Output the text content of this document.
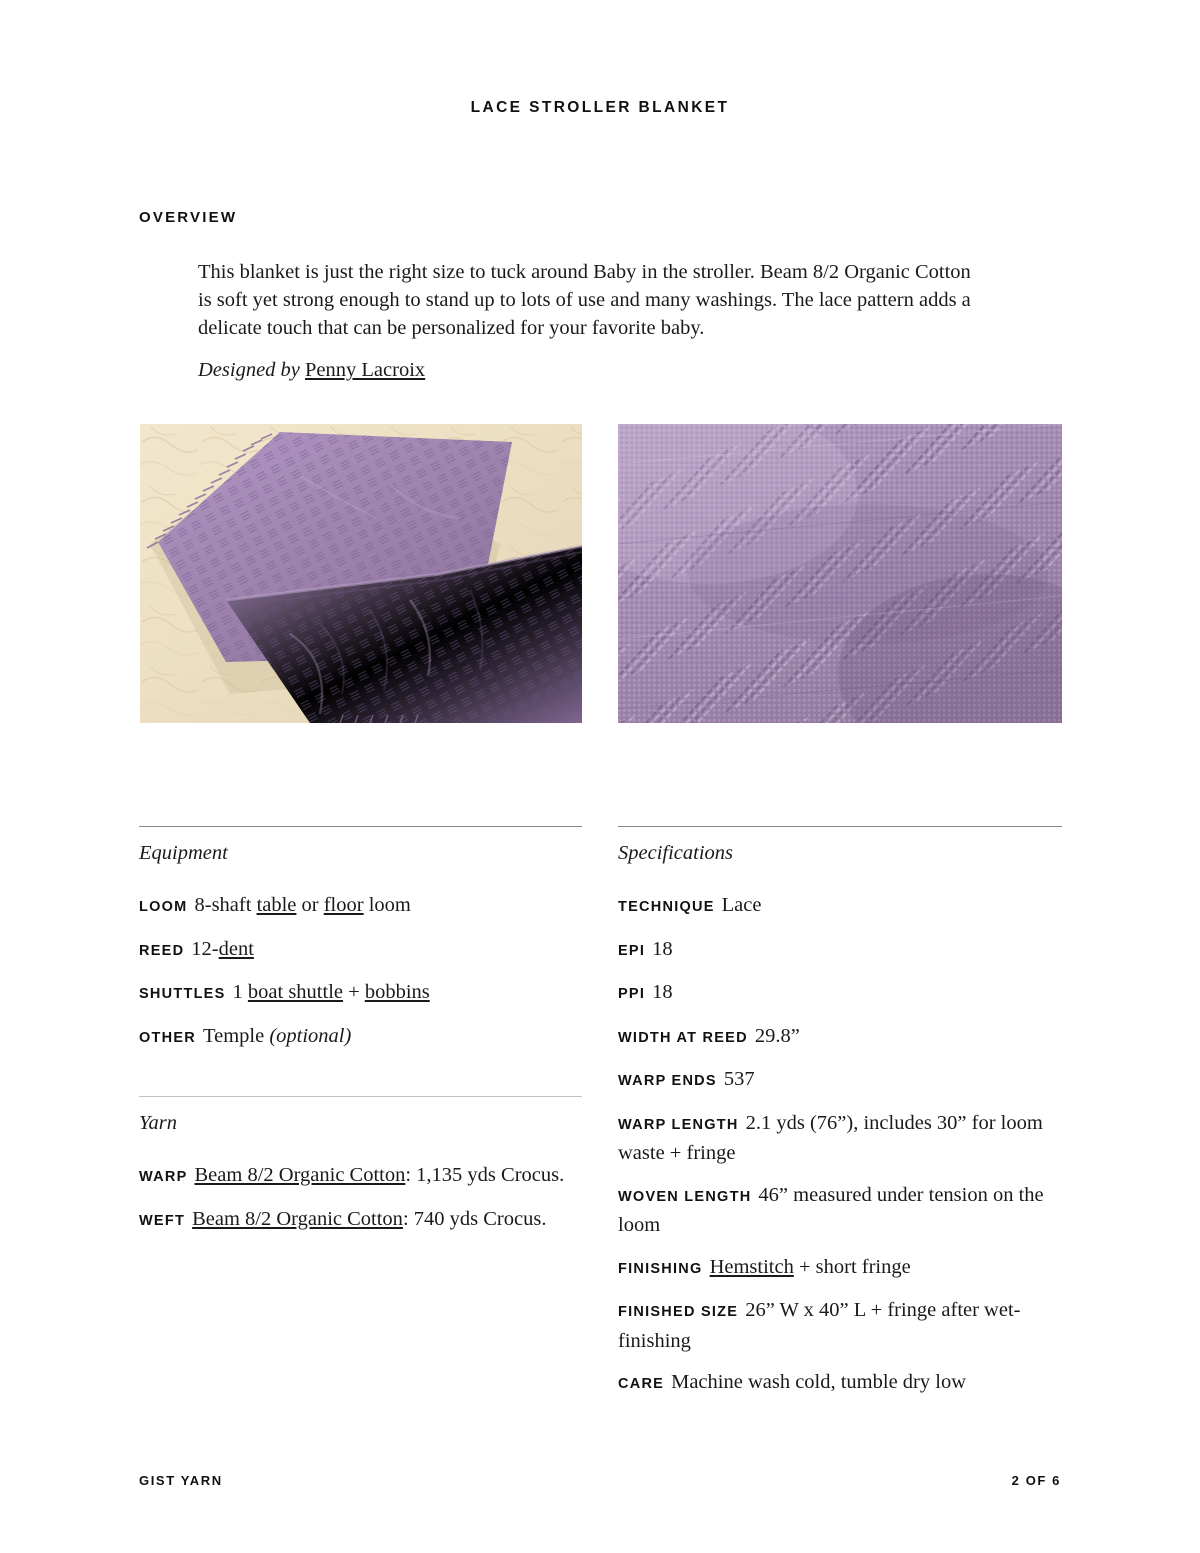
LACE STROLLER BLANKET
OVERVIEW
This blanket is just the right size to tuck around Baby in the stroller. Beam 8/2 Organic Cotton is soft yet strong enough to stand up to lots of use and many washings. The lace pattern adds a delicate touch that can be personalized for your favorite baby.
Designed by Penny Lacroix
Equipment
LOOM 8-shaft table or floor loom
REED 12-dent
SHUTTLES 1 boat shuttle + bobbins
OTHER Temple (optional)
Yarn
WARP Beam 8/2 Organic Cotton: 1,135 yds Crocus.
WEFT Beam 8/2 Organic Cotton: 740 yds Crocus.
Specifications
TECHNIQUE Lace
EPI 18
PPI 18
WIDTH AT REED 29.8”
WARP ENDS 537
WARP LENGTH 2.1 yds (76”), includes 30” for loom waste + fringe
WOVEN LENGTH 46” measured under tension on the loom
FINISHING Hemstitch + short fringe
FINISHED SIZE 26” W x 40” L + fringe after wet-finishing
CARE Machine wash cold, tumble dry low
GIST YARN	2 OF 6
